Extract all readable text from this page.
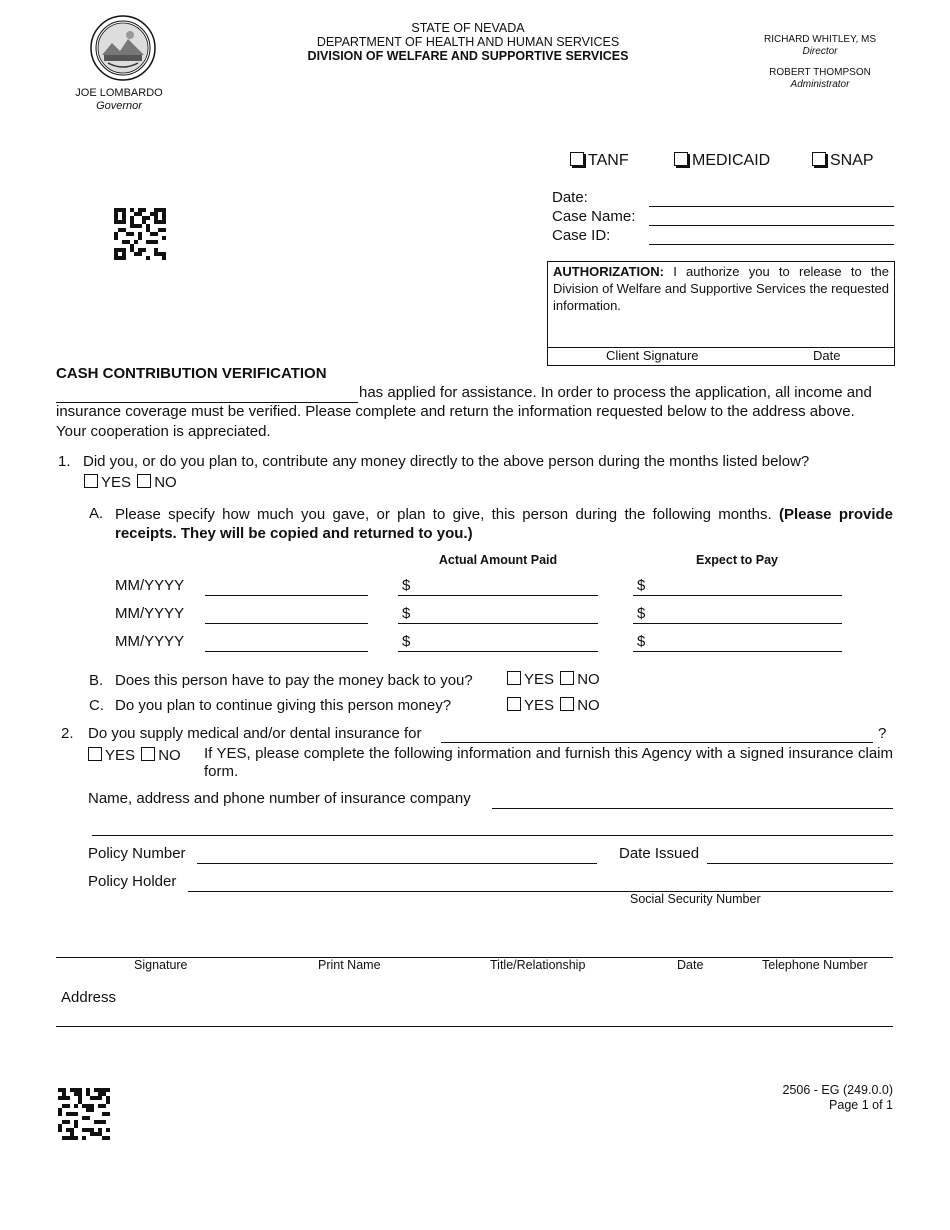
JOE LOMBARDO
Governor
STATE OF NEVADA
DEPARTMENT OF HEALTH AND HUMAN SERVICES
DIVISION OF WELFARE AND SUPPORTIVE SERVICES
RICHARD WHITLEY, MS
Director
ROBERT THOMPSON
Administrator
TANF	MEDICAID	SNAP
Date:
Case Name:
Case ID:
AUTHORIZATION: I authorize you to release to the Division of Welfare and Supportive Services the requested information.
Client Signature	Date
CASH CONTRIBUTION VERIFICATION
has applied for assistance. In order to process the application, all income and
insurance coverage must be verified. Please complete and return the information requested below to the address above.
Your cooperation is appreciated.
1. Did you, or do you plan to, contribute any money directly to the above person during the months listed below?
YES NO
A. Please specify how much you gave, or plan to give, this person during the following months. (Please provide receipts. They will be copied and returned to you.)
Actual Amount Paid	Expect to Pay
MM/YYYY	$	$
MM/YYYY	$	$
MM/YYYY	$	$
B. Does this person have to pay the money back to you?	YES NO
C. Do you plan to continue giving this person money?	YES NO
2. Do you supply medical and/or dental insurance for	?
YES NO If YES, please complete the following information and furnish this Agency with a signed insurance claim form.
Name, address and phone number of insurance company
Policy Number	Date Issued
Policy Holder
Social Security Number
Signature	Print Name	Title/Relationship	Date	Telephone Number
Address
2506 - EG (249.0.0)
Page 1 of 1
